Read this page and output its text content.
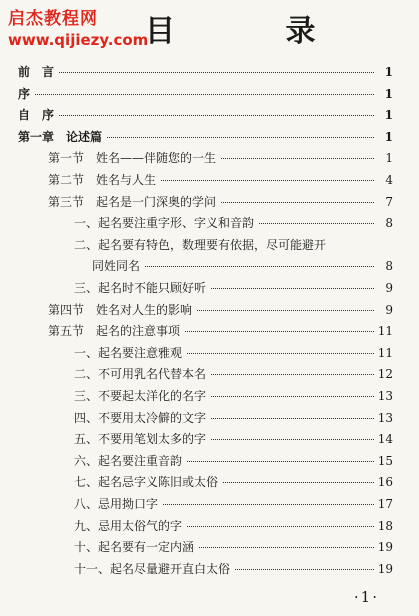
启杰教程网
www.qijiezy.com
目 录
前　言	1
序	1
自　序	1
第一章　论述篇	1
第一节　姓名——伴随您的一生	1
第二节　姓名与人生	4
第三节　起名是一门深奥的学问	7
一、起名要注重字形、字义和音韵	8
二、起名要有特色，数理要有依据，尽可能避开
同姓同名	8
三、起名时不能只顾好听	9
第四节　姓名对人生的影响	9
第五节　起名的注意事项	11
一、起名要注意雅观	11
二、不可用乳名代替本名	12
三、不要起太洋化的名字	13
四、不要用太冷僻的文字	13
五、不要用笔划太多的字	14
六、起名要注重音韵	15
七、起名忌字义陈旧或太俗	16
八、忌用拗口字	17
九、忌用太俗气的字	18
十、起名要有一定内涵	19
十一、起名尽量避开直白太俗	19
·1·
